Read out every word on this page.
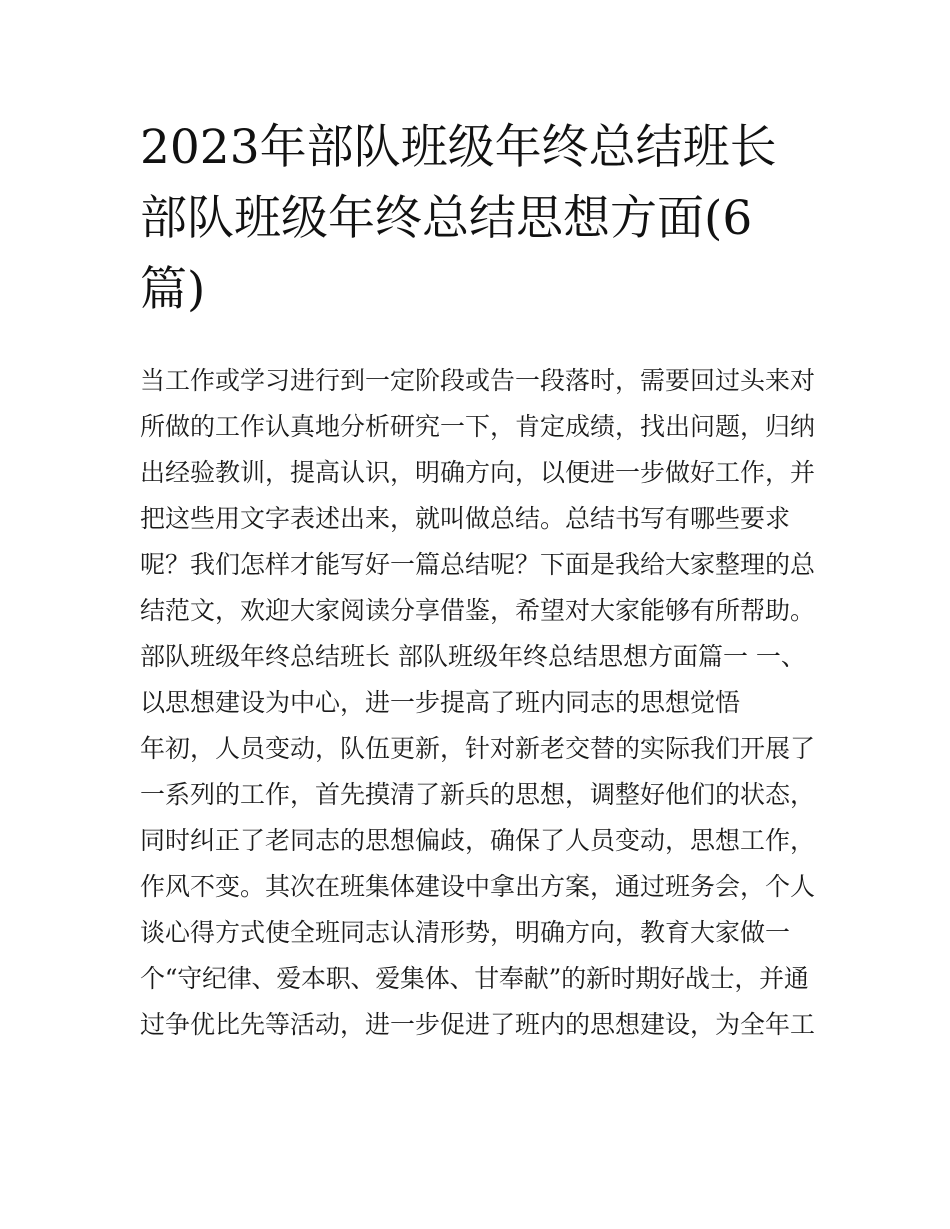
2023年部队班级年终总结班长
部队班级年终总结思想方面(6
篇)
当工作或学习进行到一定阶段或告一段落时，需要回过头来对
所做的工作认真地分析研究一下，肯定成绩，找出问题，归纳
出经验教训，提高认识，明确方向，以便进一步做好工作，并
把这些用文字表述出来，就叫做总结。总结书写有哪些要求
呢？我们怎样才能写好一篇总结呢？下面是我给大家整理的总
结范文，欢迎大家阅读分享借鉴，希望对大家能够有所帮助。
部队班级年终总结班长 部队班级年终总结思想方面篇一 一、
以思想建设为中心，进一步提高了班内同志的思想觉悟
年初，人员变动，队伍更新，针对新老交替的实际我们开展了
一系列的工作，首先摸清了新兵的思想，调整好他们的状态，
同时纠正了老同志的思想偏歧，确保了人员变动，思想工作，
作风不变。其次在班集体建设中拿出方案，通过班务会，个人
谈心得方式使全班同志认清形势，明确方向，教育大家做一
个“守纪律、爱本职、爱集体、甘奉献”的新时期好战士，并通
过争优比先等活动，进一步促进了班内的思想建设，为全年工
